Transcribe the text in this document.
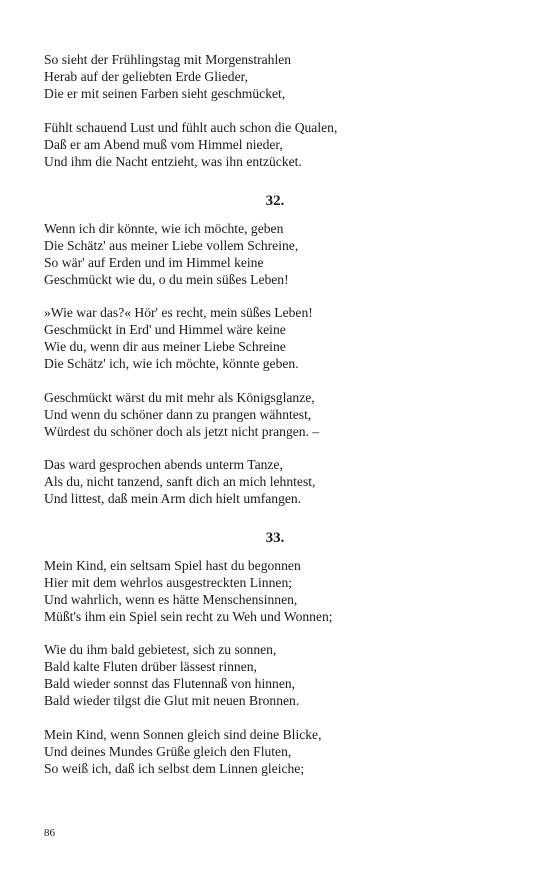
So sieht der Frühlingstag mit Morgenstrahlen
Herab auf der geliebten Erde Glieder,
Die er mit seinen Farben sieht geschmücket,
Fühlt schauend Lust und fühlt auch schon die Qualen,
Daß er am Abend muß vom Himmel nieder,
Und ihm die Nacht entzieht, was ihn entzücket.
32.
Wenn ich dir könnte, wie ich möchte, geben
Die Schätz' aus meiner Liebe vollem Schreine,
So wär' auf Erden und im Himmel keine
Geschmückt wie du, o du mein süßes Leben!
»Wie war das?« Hör' es recht, mein süßes Leben!
Geschmückt in Erd' und Himmel wäre keine
Wie du, wenn dir aus meiner Liebe Schreine
Die Schätz' ich, wie ich möchte, könnte geben.
Geschmückt wärst du mit mehr als Königsglanze,
Und wenn du schöner dann zu prangen wähntest,
Würdest du schöner doch als jetzt nicht prangen. –
Das ward gesprochen abends unterm Tanze,
Als du, nicht tanzend, sanft dich an mich lehntest,
Und littest, daß mein Arm dich hielt umfangen.
33.
Mein Kind, ein seltsam Spiel hast du begonnen
Hier mit dem wehrlos ausgestreckten Linnen;
Und wahrlich, wenn es hätte Menschensinnen,
Müßt's ihm ein Spiel sein recht zu Weh und Wonnen;
Wie du ihm bald gebietest, sich zu sonnen,
Bald kalte Fluten drüber lässest rinnen,
Bald wieder sonnst das Flutennaß von hinnen,
Bald wieder tilgst die Glut mit neuen Bronnen.
Mein Kind, wenn Sonnen gleich sind deine Blicke,
Und deines Mundes Grüße gleich den Fluten,
So weiß ich, daß ich selbst dem Linnen gleiche;
86
